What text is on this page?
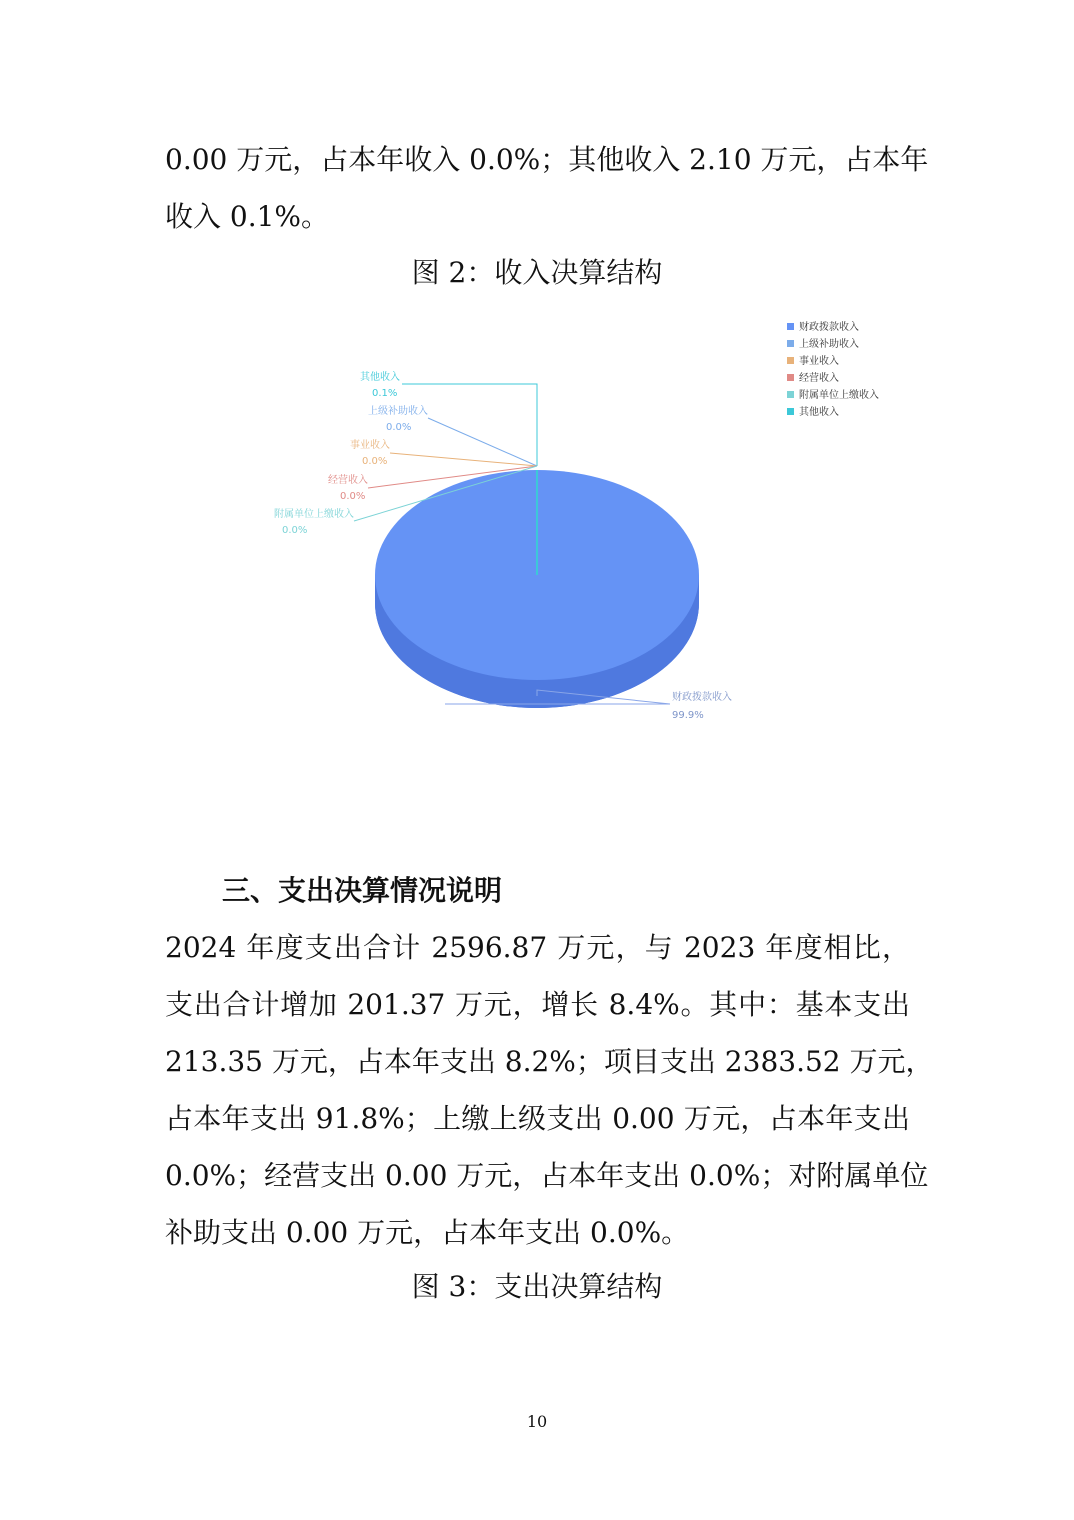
0.00 万元，占本年收入 0.0%；其他收入 2.10 万元，占本年
收入 0.1%。
图 2：收入决算结构
其他收入
0.1%
上级补助收入
0.0%
事业收入
0.0%
经营收入
0.0%
附属单位上缴收入
0.0%
财政拨款收入
99.9%
财政拨款收入
上级补助收入
事业收入
经营收入
附属单位上缴收入
其他收入
三、支出决算情况说明
2024 年度支出合计 2596.87 万元，与 2023 年度相比，
支出合计增加 201.37 万元，增长 8.4%。其中：基本支出
213.35 万元，占本年支出 8.2%；项目支出 2383.52 万元，
占本年支出 91.8%；上缴上级支出 0.00 万元，占本年支出
0.0%；经营支出 0.00 万元，占本年支出 0.0%；对附属单位
补助支出 0.00 万元，占本年支出 0.0%。
图 3：支出决算结构
10
